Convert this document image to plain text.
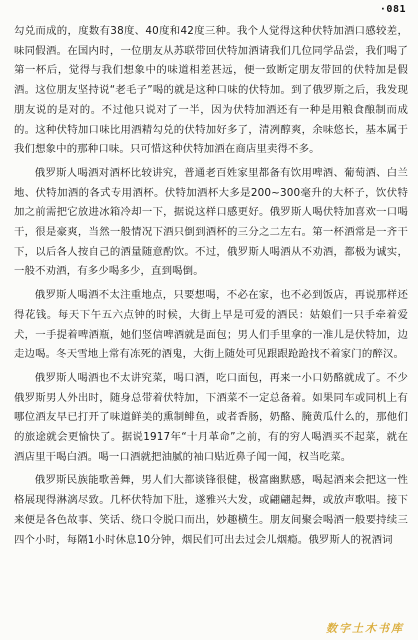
·081

勾兑而成的，度数有38度、40度和42度三种。我个人觉得这种伏特加酒口感较差，味同假酒。在国内时，一位朋友从苏联带回伏特加酒请我们几位同学品尝，我们喝了第一杯后，觉得与我们想象中的味道相差甚远，便一致断定朋友带回的伏特加是假酒。这位朋友坚持说“老毛子”喝的就是这种口味的伏特加。到了俄罗斯之后，我发现朋友说的是对的。不过他只说对了一半，因为伏特加酒还有一种是用粮食酿制而成的。这种伏特加口味比用酒精勾兑的伏特加好多了，清冽醇爽，余味悠长，基本属于我们想象中的那种口味。只可惜这种伏特加酒在商店里卖得不多。

俄罗斯人喝酒对酒杯比较讲究，普通老百姓家里都备有饮用啤酒、葡萄酒、白兰地、伏特加酒的各式专用酒杯。伏特加酒杯大多是200~300毫升的大杯子，饮伏特加之前需把它放进冰箱冷却一下，据说这样口感更好。俄罗斯人喝伏特加喜欢一口喝干，很是豪爽，当然一般情况下酒只倒到酒杯的三分之二左右。第一杯酒常是一齐干下，以后各人按自己的酒量随意酌饮。不过，俄罗斯人喝酒从不劝酒，都极为诚实，一般不劝酒，有多少喝多少，直到喝倒。

俄罗斯人喝酒不太注重地点，只要想喝，不必在家，也不必到饭店，再说那样还得花钱。每天下午五六点钟的时候，大街上早是可爱的酒民：姑娘们一只手牵着爱犬，一手提着啤酒瓶，她们竖信啤酒就是面包；男人们手里拿的一准儿是伏特加，边走边喝。冬天雪地上常有冻死的酒鬼，大街上随处可见跟跟跄跄找不着家门的醉汉。

俄罗斯人喝酒也不太讲究菜，喝口酒，吃口面包，再来一小口奶酪就成了。不少俄罗斯男人外出时，随身总带着伏特加，下酒菜不一定总备着。如果同车或同机上有哪位酒友早已打开了味道鲜美的熏制鲱鱼，或者香肠，奶酪、腌黄瓜什么的，那他们的旅途就会更愉快了。据说1917年“十月革命”之前，有的穷人喝酒买不起菜，就在酒店里干喝白酒。喝一口酒就把油腻的袖口贴近鼻子闻一闻，权当吃菜。

俄罗斯民族能歌善舞，男人们大都谈锋很健，极富幽默感，喝起酒来会把这一性格展现得淋漓尽致。几杯伏特加下肚，遂雅兴大发，或翩翩起舞，或放声歌唱。接下来便是各色故事、笑话、绕口令脱口而出，妙趣横生。朋友间聚会喝酒一般要持续三四个小时，每隔1小时休息10分钟，烟民们可出去过会儿烟瘾。俄罗斯人的祝酒词

数字土木书库
